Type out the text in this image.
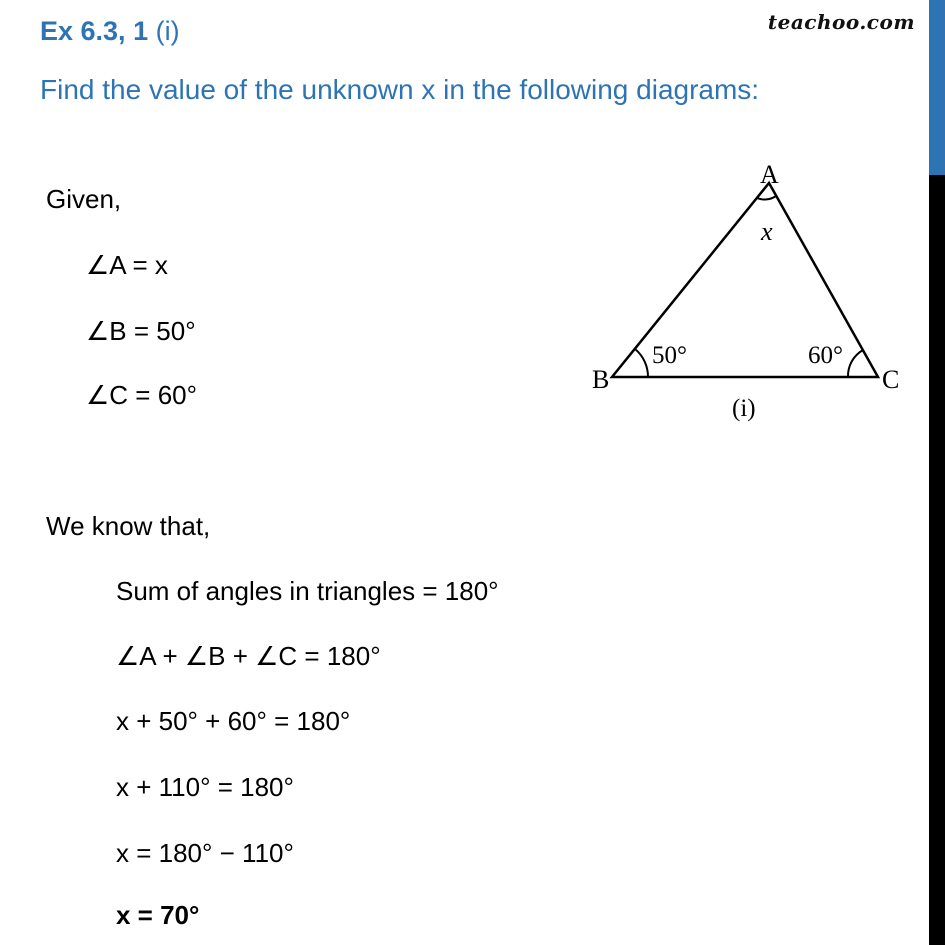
Ex 6.3, 1 (i)	teachoo.com
Find the value of the unknown x in the following diagrams:
Given,
∠A = x
∠B = 50°
∠C = 60°
We know that,
Sum of angles in triangles = 180°
∠A + ∠B + ∠C = 180°
x + 50° + 60° = 180°
x + 110° = 180°
x = 180° − 110°
x = 70°
A
B	C
x
50°	60°
(i)
